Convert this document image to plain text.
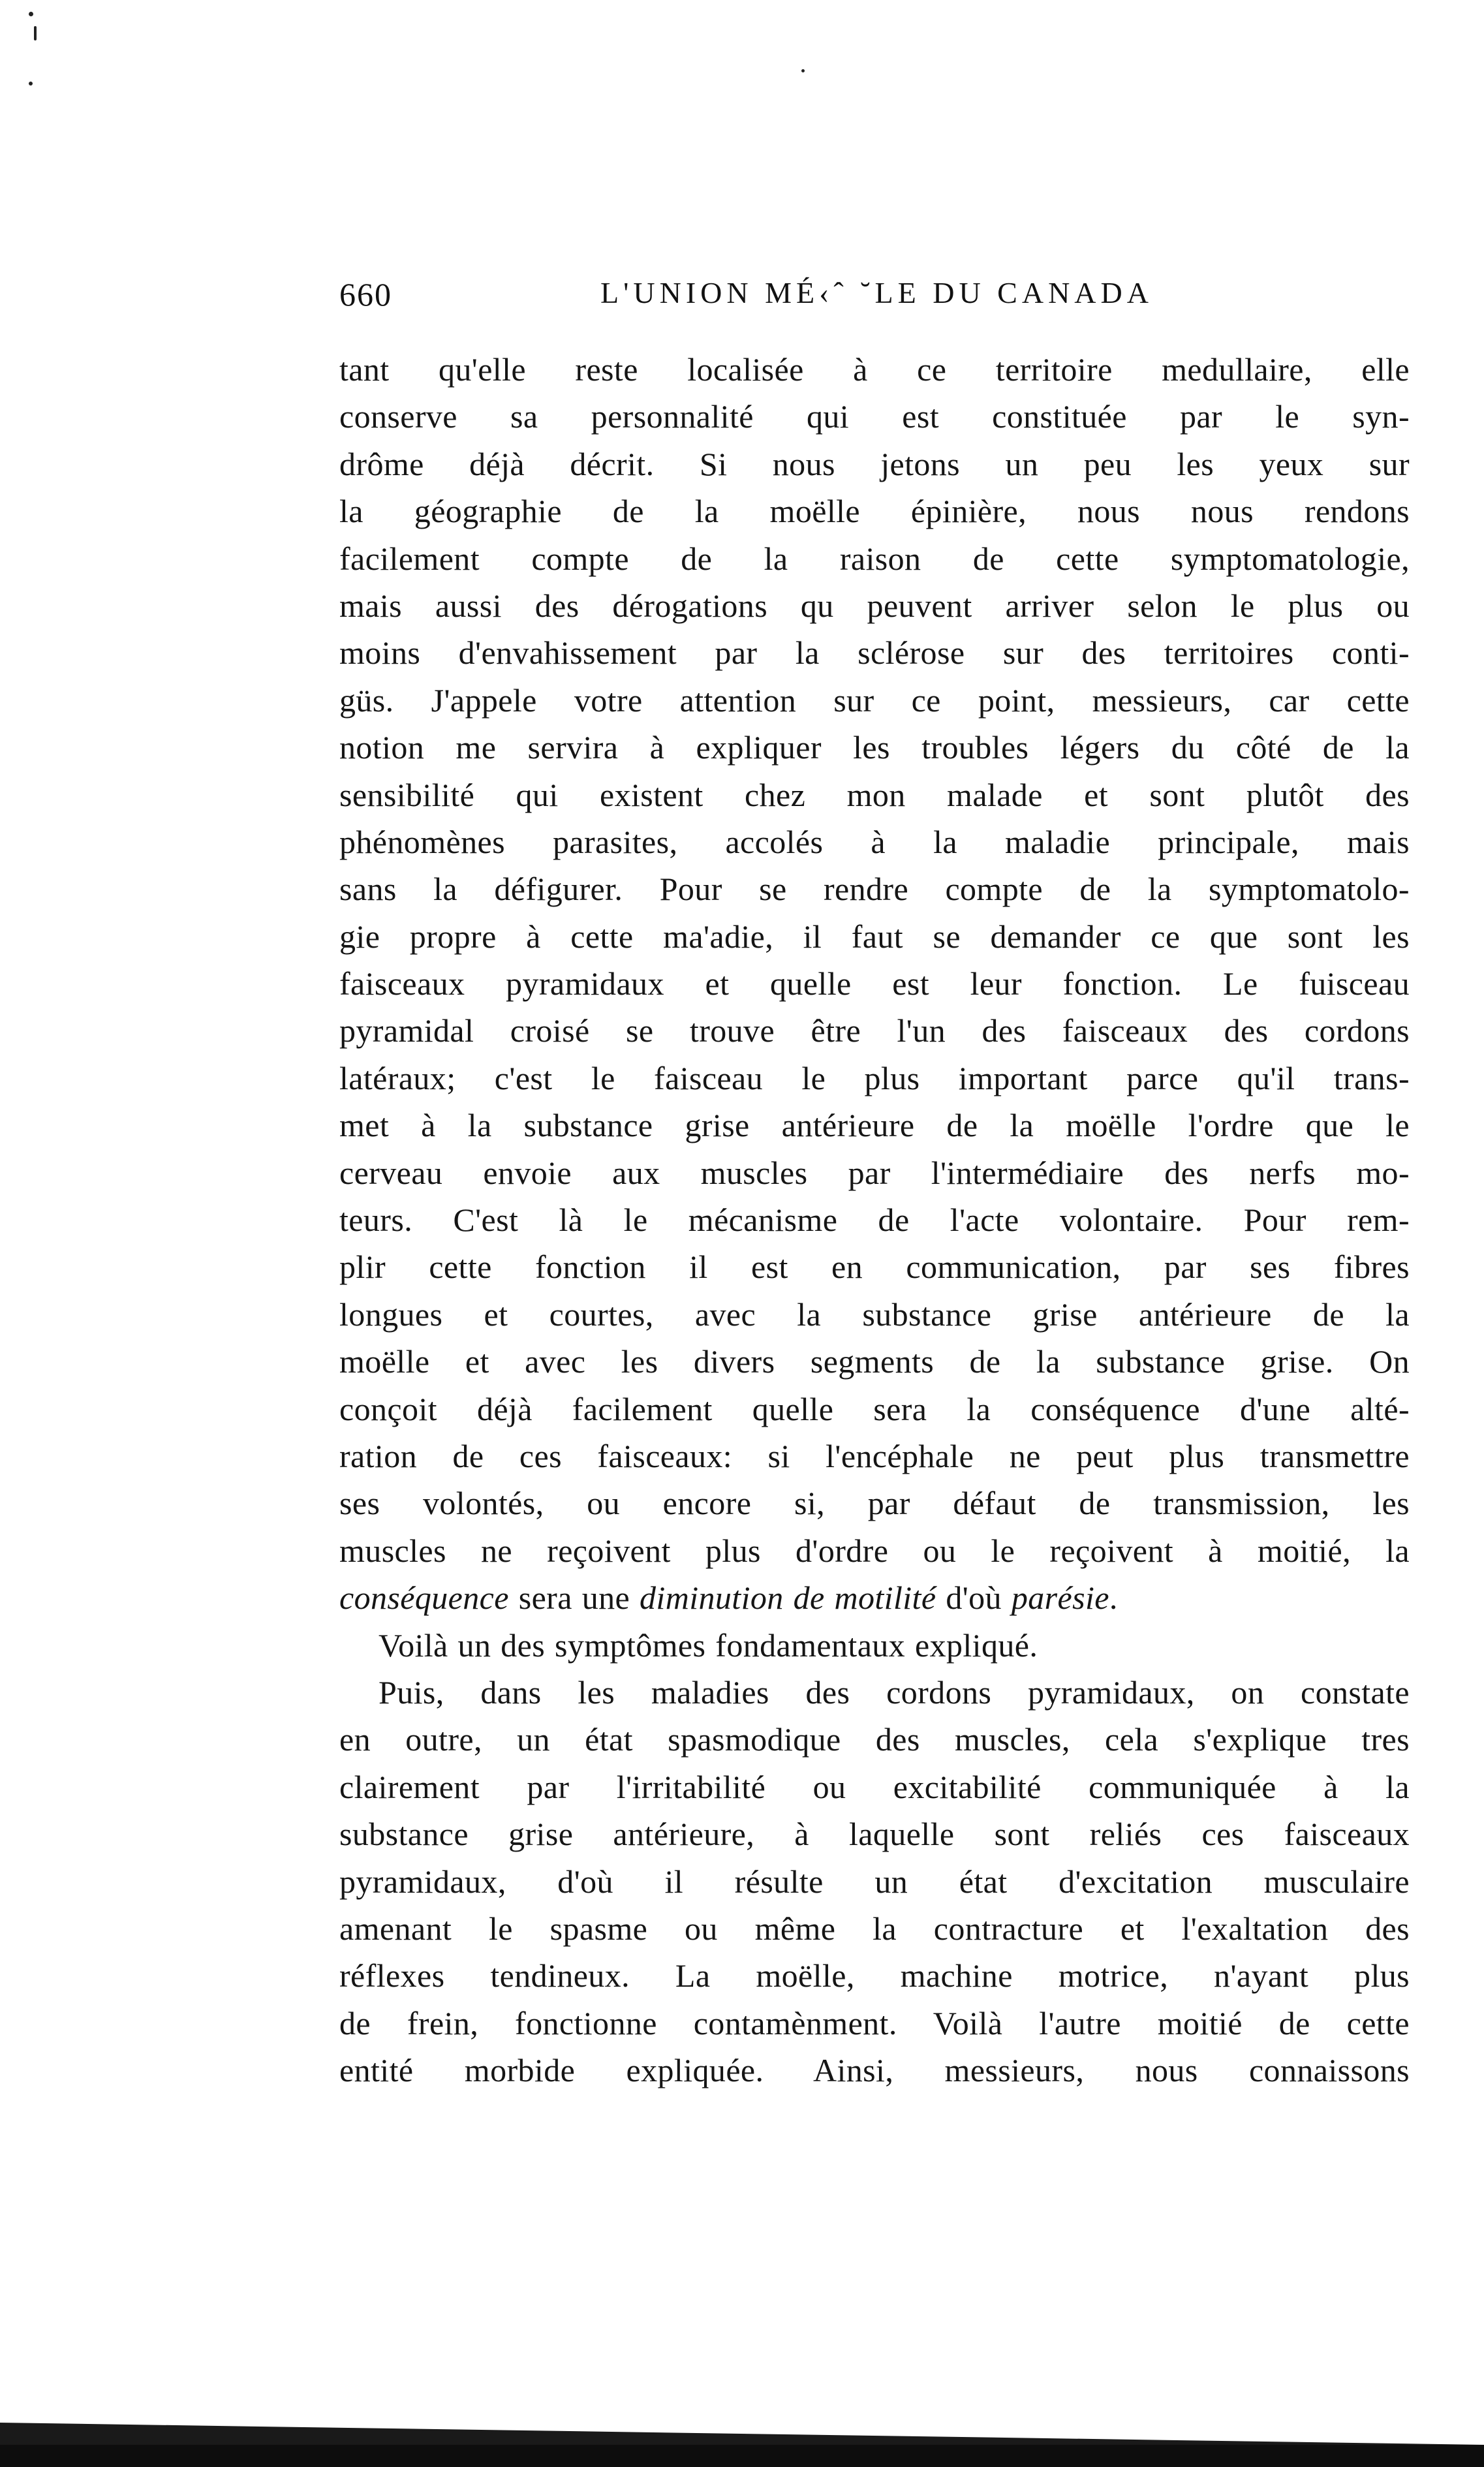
660	L'UNION MÉ‹ˆ ˘LE DU CANADA
tant qu'elle reste localisée à ce territoire medullaire, elle
conserve sa personnalité qui est constituée par le syn-
drôme déjà décrit. Si nous jetons un peu les yeux sur
la géographie de la moëlle épinière, nous nous rendons
facilement compte de la raison de cette symptomatologie,
mais aussi des dérogations qu peuvent arriver selon le plus ou
moins d'envahissement par la sclérose sur des territoires conti-
güs. J'appele votre attention sur ce point, messieurs, car cette
notion me servira à expliquer les troubles légers du côté de la
sensibilité qui existent chez mon malade et sont plutôt des
phénomènes parasites, accolés à la maladie principale, mais
sans la défigurer. Pour se rendre compte de la symptomatolo-
gie propre à cette ma'adie, il faut se demander ce que sont les
faisceaux pyramidaux et quelle est leur fonction. Le fuisceau
pyramidal croisé se trouve être l'un des faisceaux des cordons
latéraux; c'est le faisceau le plus important parce qu'il trans-
met à la substance grise antérieure de la moëlle l'ordre que le
cerveau envoie aux muscles par l'intermédiaire des nerfs mo-
teurs. C'est là le mécanisme de l'acte volontaire. Pour rem-
plir cette fonction il est en communication, par ses fibres
longues et courtes, avec la substance grise antérieure de la
moëlle et avec les divers segments de la substance grise. On
conçoit déjà facilement quelle sera la conséquence d'une alté-
ration de ces faisceaux: si l'encéphale ne peut plus transmettre
ses volontés, ou encore si, par défaut de transmission, les
muscles ne reçoivent plus d'ordre ou le reçoivent à moitié, la
conséquence sera une diminution de motilité d'où parésie.
Voilà un des symptômes fondamentaux expliqué.
Puis, dans les maladies des cordons pyramidaux, on constate
en outre, un état spasmodique des muscles, cela s'explique tres
clairement par l'irritabilité ou excitabilité communiquée à la
substance grise antérieure, à laquelle sont reliés ces faisceaux
pyramidaux, d'où il résulte un état d'excitation musculaire
amenant le spasme ou même la contracture et l'exaltation des
réflexes tendineux. La moëlle, machine motrice, n'ayant plus
de frein, fonctionne contamènment. Voilà l'autre moitié de cette
entité morbide expliquée. Ainsi, messieurs, nous connaissons
